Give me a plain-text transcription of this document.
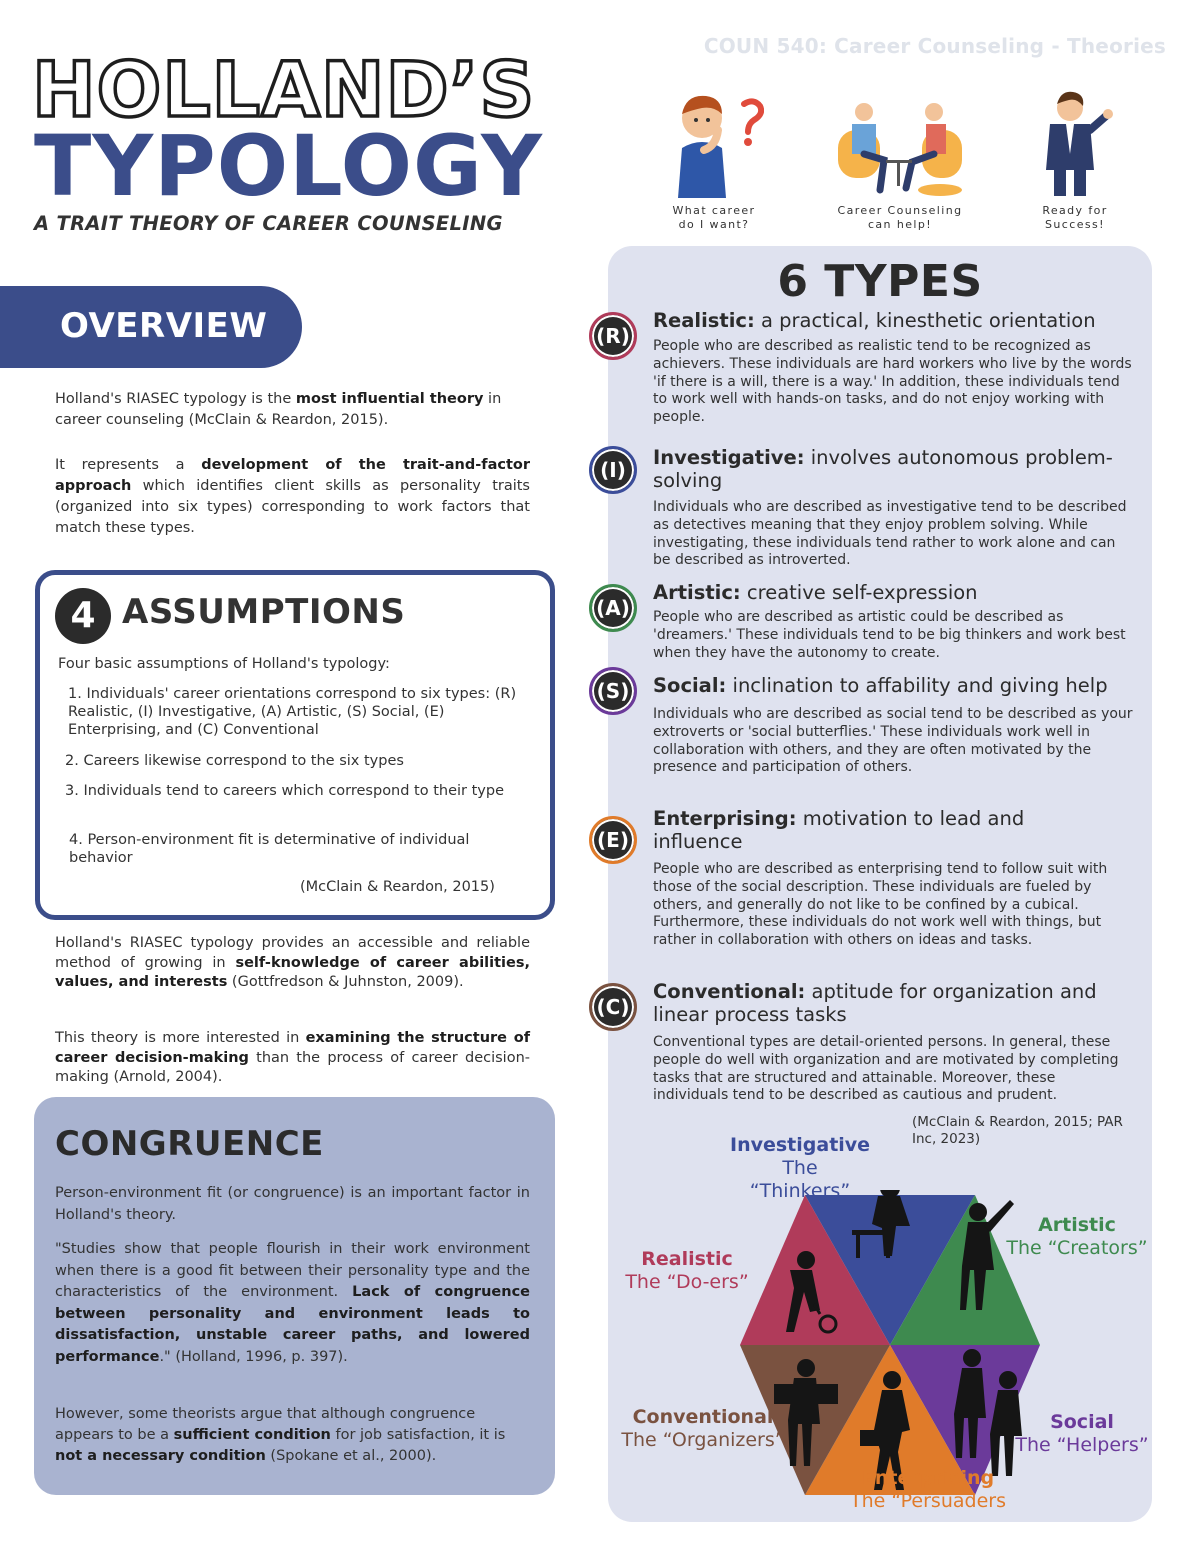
COUN 540: Career Counseling - Theories
HOLLAND’S
TYPOLOGY
A TRAIT THEORY OF CAREER COUNSELING
What career do I want?
Career Counseling can help!
Ready for Success!
OVERVIEW
Holland's RIASEC typology is the most influential theory in career counseling (McClain & Reardon, 2015).
It represents a development of the trait-and-factor approach which identifies client skills as personality traits (organized into six types) corresponding to work factors that match these types.
4 ASSUMPTIONS
Four basic assumptions of Holland's typology:
1. Individuals' career orientations correspond to six types: (R) Realistic, (I) Investigative, (A) Artistic, (S) Social, (E) Enterprising, and (C) Conventional
2. Careers likewise correspond to the six types
3. Individuals tend to careers which correspond to their type
4. Person-environment fit is determinative of individual behavior
(McClain & Reardon, 2015)
Holland's RIASEC typology provides an accessible and reliable method of growing in self-knowledge of career abilities, values, and interests (Gottfredson & Juhnston, 2009).
This theory is more interested in examining the structure of career decision-making than the process of career decision-making (Arnold, 2004).
CONGRUENCE
Person-environment fit (or congruence) is an important factor in Holland's theory.
"Studies show that people flourish in their work environment when there is a good fit between their personality type and the characteristics of the environment. Lack of congruence between personality and environment leads to dissatisfaction, unstable career paths, and lowered performance." (Holland, 1996, p. 397).
However, some theorists argue that although congruence appears to be a sufficient condition for job satisfaction, it is not a necessary condition (Spokane et al., 2000).
6 TYPES
(R)
Realistic: a practical, kinesthetic orientation
People who are described as realistic tend to be recognized as achievers. These individuals are hard workers who live by the words 'if there is a will, there is a way.' In addition, these individuals tend to work well with hands-on tasks, and do not enjoy working with people.
(I)
Investigative: involves autonomous problem-solving
Individuals who are described as investigative tend to be described as detectives meaning that they enjoy problem solving. While investigating, these individuals tend rather to work alone and can be described as introverted.
(A)
Artistic: creative self-expression
People who are described as artistic could be described as 'dreamers.' These individuals tend to be big thinkers and work best when they have the autonomy to create.
(S)	Social: inclination to affability and giving help
Individuals who are described as social tend to be described as your extroverts or 'social butterflies.' These individuals work well in collaboration with others, and they are often motivated by the presence and participation of others.
(E)
Enterprising: motivation to lead and influence
People who are described as enterprising tend to follow suit with those of the social description. These individuals are fueled by others, and generally do not like to be confined by a cubical. Furthermore, these individuals do not work well with things, but rather in collaboration with others on ideas and tasks.
(C)
Conventional: aptitude for organization and linear process tasks
Conventional types are detail-oriented persons. In general, these people do well with organization and are motivated by completing tasks that are structured and attainable. Moreover, these individuals tend to be described as cautious and prudent.
(McClain & Reardon, 2015; PAR Inc, 2023)
Investigative
The “Thinkers”
Artistic
The “Creators”
Realistic
The “Do-ers”
Social
The “Helpers”
Conventional
The “Organizers”
Enterprising
The “Persuaders
